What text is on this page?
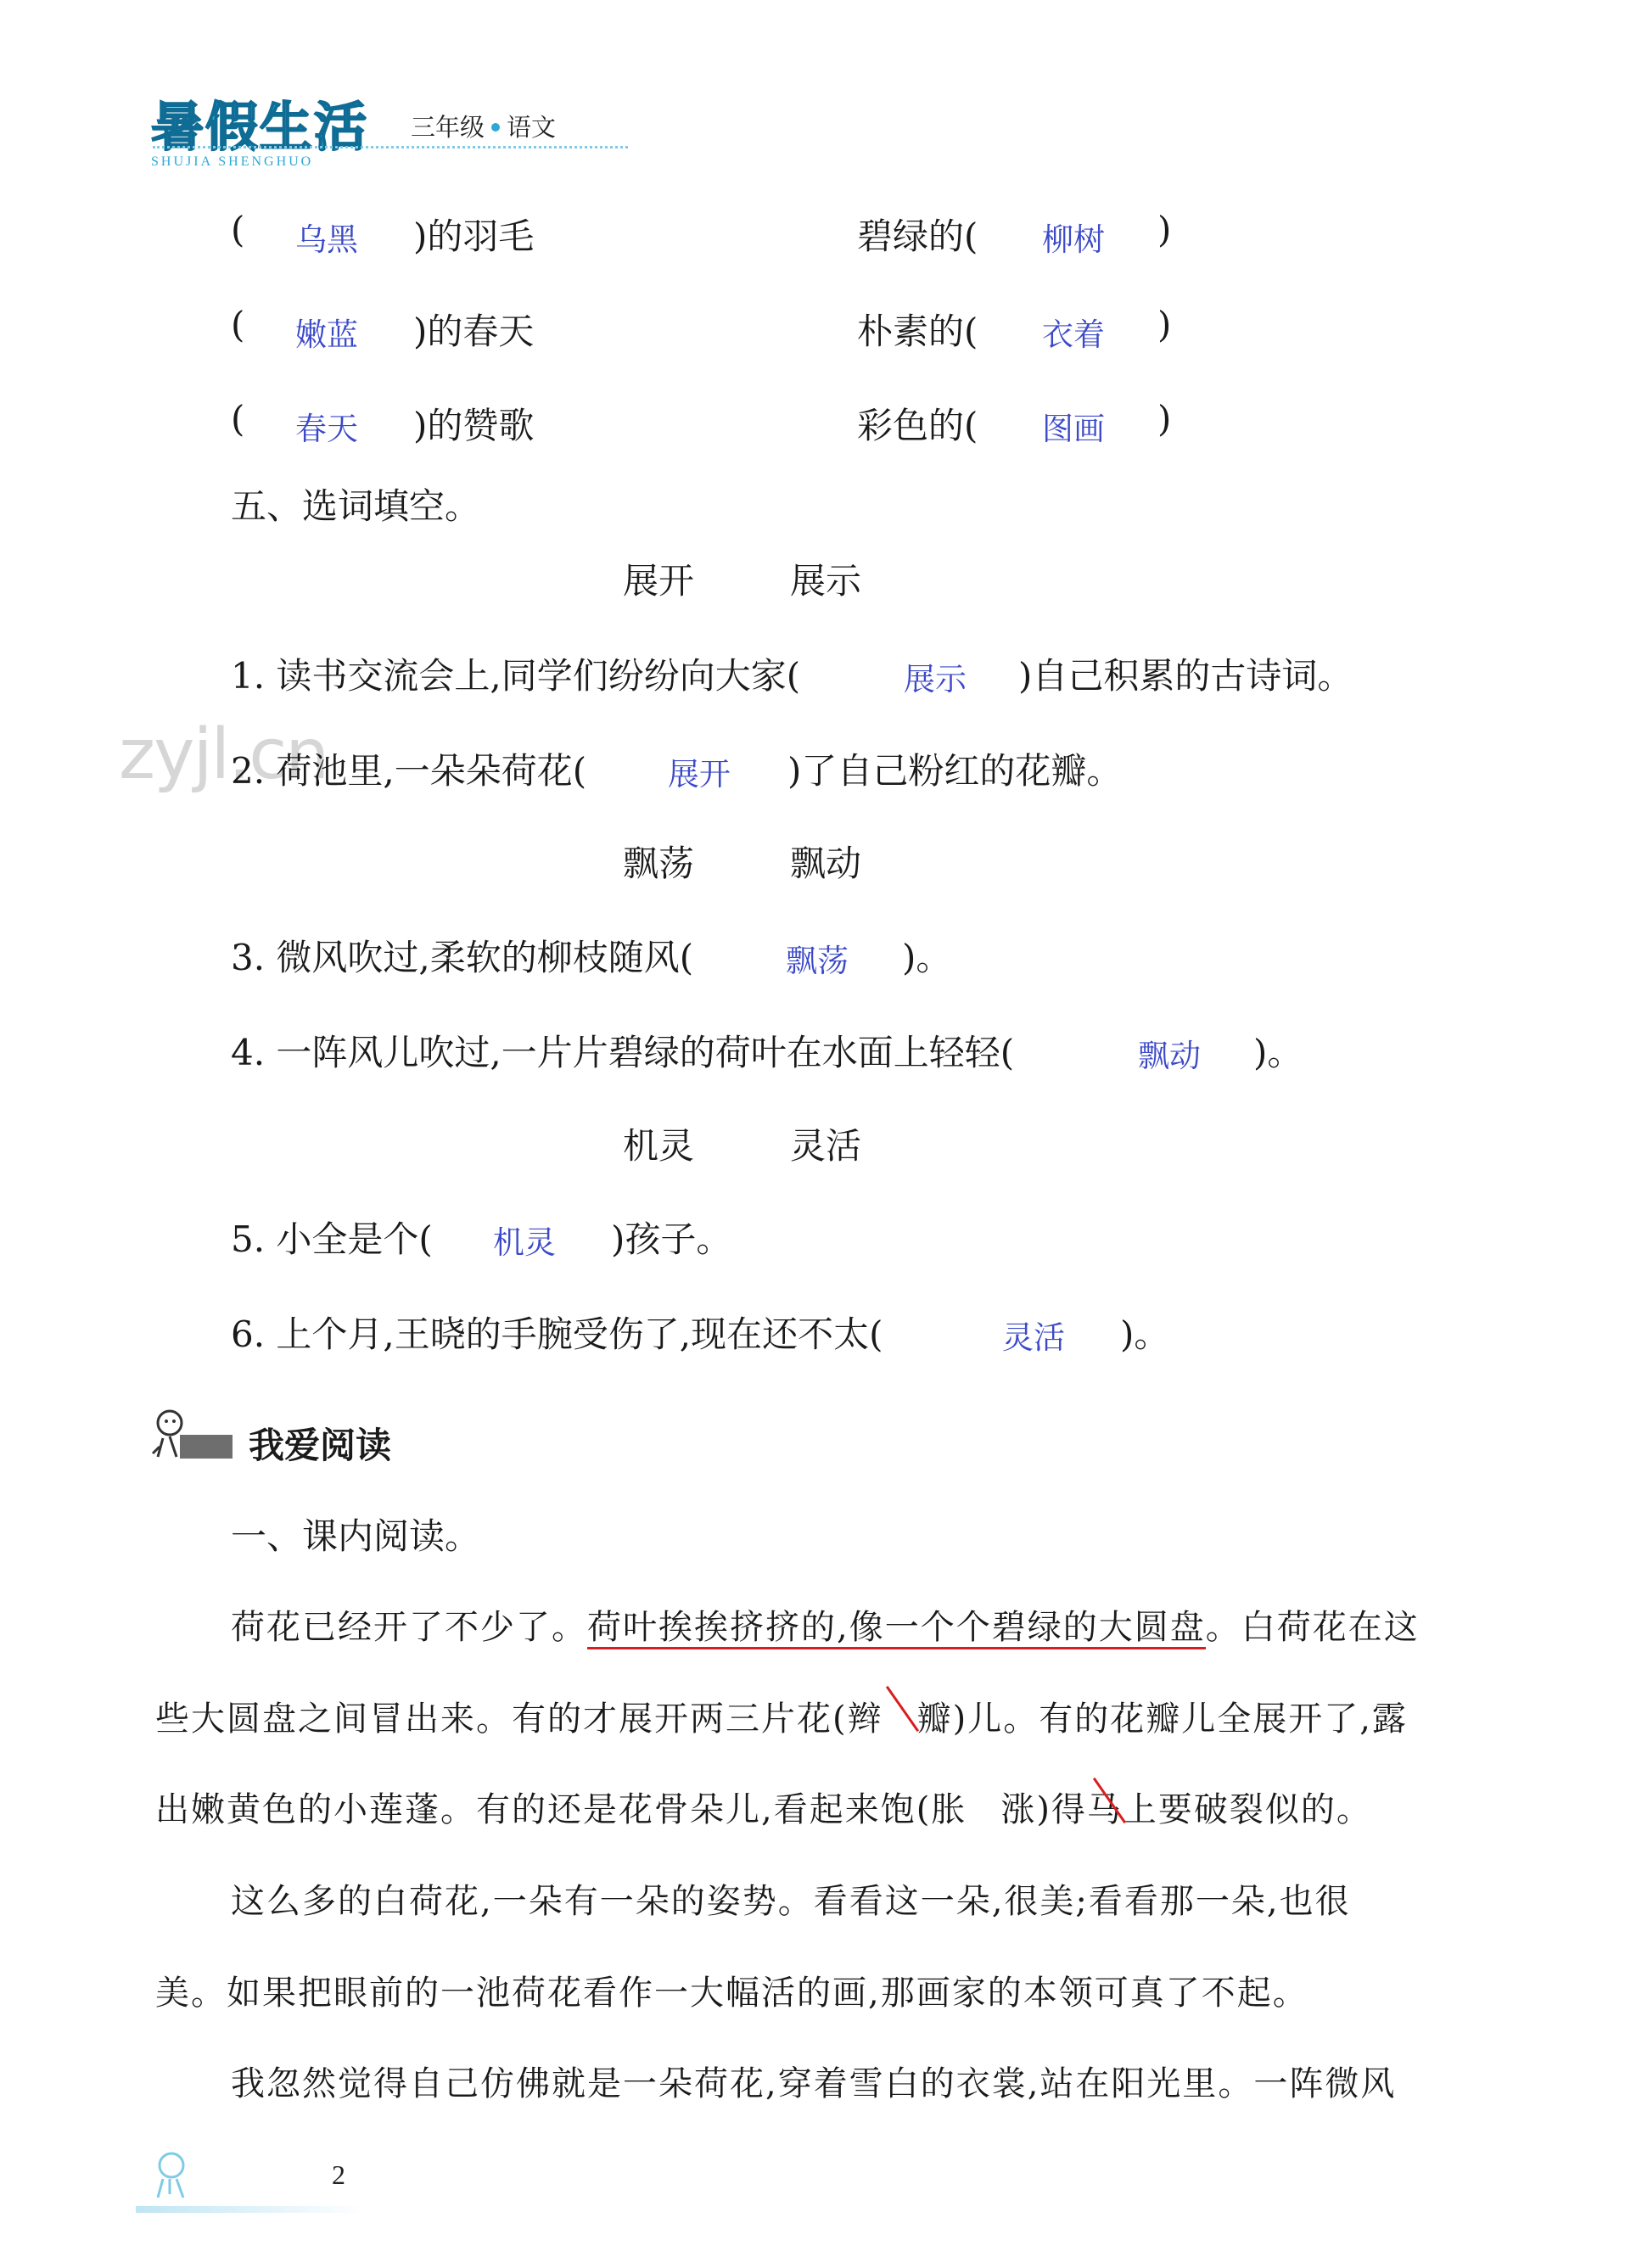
暑假生活 三年级 语文
SHUJIA SHENGHUO
zyjl.cn
( 乌黑 )的羽毛	碧绿的( 柳树 )
( 嫩蓝 )的春天	朴素的( 衣着 )
( 春天 )的赞歌	彩色的( 图画 )
五、选词填空。
展开	展示
1. 读书交流会上,同学们纷纷向大家(	展示 )自己积累的古诗词。
2. 荷池里,一朵朵荷花(	展开 )了自己粉红的花瓣。
飘荡	飘动
3. 微风吹过,柔软的柳枝随风(	飘荡 )。
4. 一阵风儿吹过,一片片碧绿的荷叶在水面上轻轻(	飘动 )。
机灵	灵活
5. 小全是个( 机灵 )孩子。
6. 上个月,王晓的手腕受伤了,现在还不太(	灵活 )。
我爱阅读
一、课内阅读。
荷花已经开了不少了。荷叶挨挨挤挤的,像一个个碧绿的大圆盘。白荷花在这
些大圆盘之间冒出来。有的才展开两三片花(辫 瓣)儿。有的花瓣儿全展开了,露
出嫩黄色的小莲蓬。有的还是花骨朵儿,看起来饱(胀 涨)得马上要破裂似的。
这么多的白荷花,一朵有一朵的姿势。看看这一朵,很美;看看那一朵,也很
美。如果把眼前的一池荷花看作一大幅活的画,那画家的本领可真了不起。
我忽然觉得自己仿佛就是一朵荷花,穿着雪白的衣裳,站在阳光里。一阵微风
2
